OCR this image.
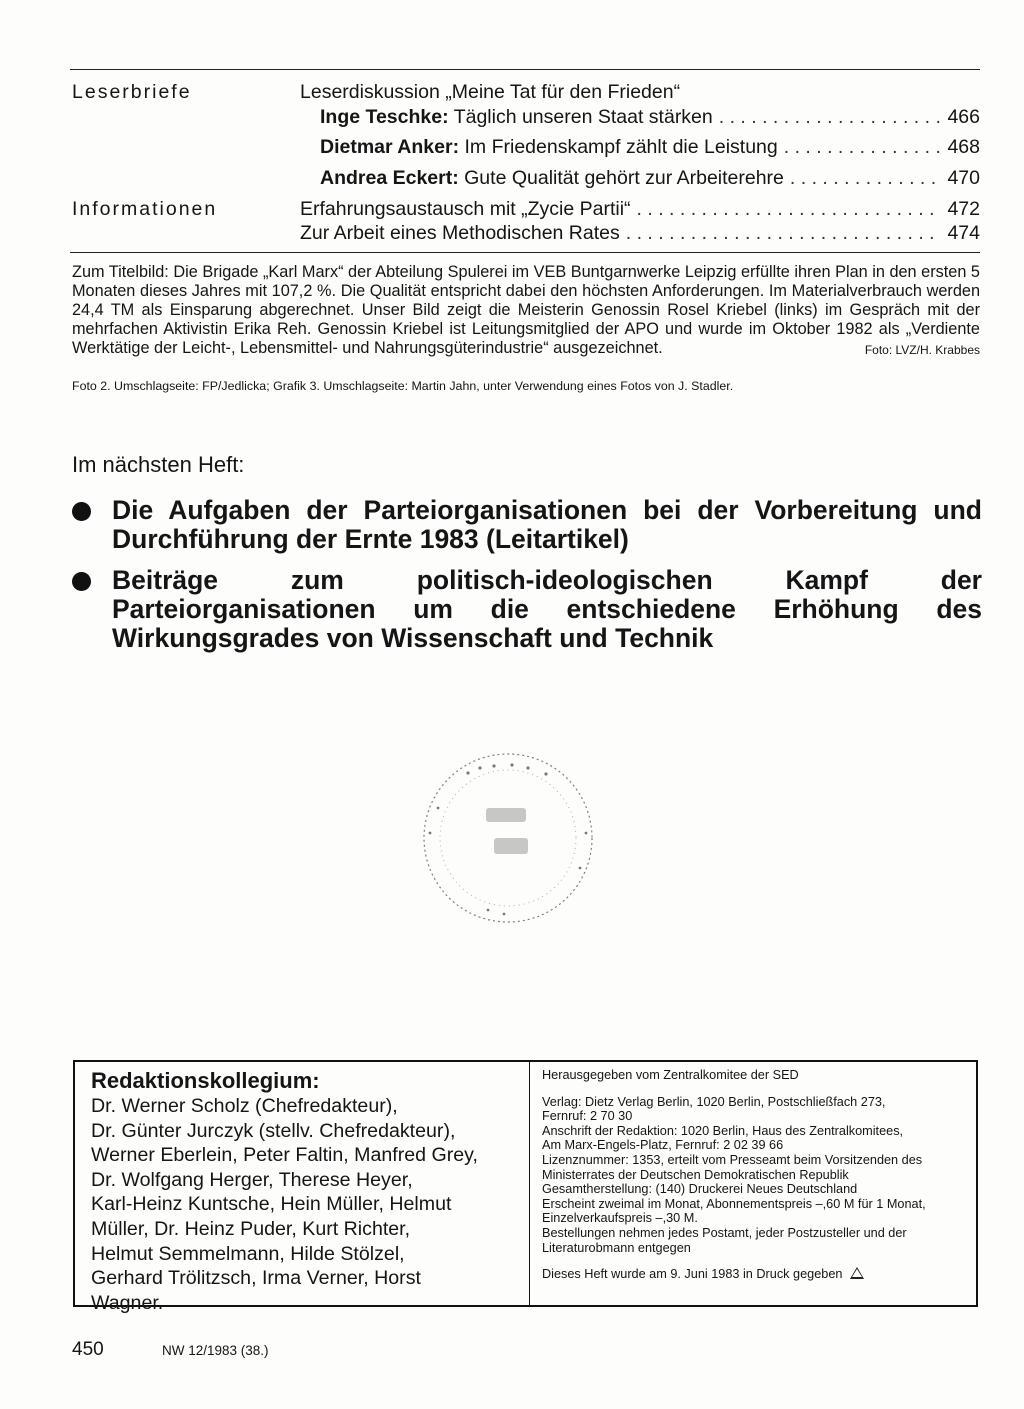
Leserbriefe	Leserdiskussion „Meine Tat für den Frieden“
Inge Teschke: Täglich unseren Staat stärken . . .	466
Dietmar Anker: Im Friedenskampf zählt die Leistung . . .	468
Andrea Eckert: Gute Qualität gehört zur Arbeiterehre . . .	470
Informationen	Erfahrungsaustausch mit „Zycie Partii“ . . .	472
Zur Arbeit eines Methodischen Rates . . .	474

Zum Titelbild: Die Brigade „Karl Marx“ der Abteilung Spulerei im VEB Buntgarnwerke Leipzig erfüllte ihren Plan in den ersten 5 Monaten dieses Jahres mit 107,2 %. Die Qualität entspricht dabei den höchsten Anforderungen. Im Materialverbrauch werden 24,4 TM als Einsparung abgerechnet. Unser Bild zeigt die Meisterin Genossin Rosel Kriebel (links) im Gespräch mit der mehrfachen Aktivistin Erika Reh. Genossin Kriebel ist Leitungsmitglied der APO und wurde im Oktober 1982 als „Verdiente Werktätige der Leicht-, Lebensmittel- und Nahrungsgüterindustrie“ ausgezeichnet.	Foto: LVZ/H. Krabbes

Foto 2. Umschlagseite: FP/Jedlicka; Grafik 3. Umschlagseite: Martin Jahn, unter Verwendung eines Fotos von J. Stadler.
Im nächsten Heft:
Die Aufgaben der Parteiorganisationen bei der Vorbereitung und Durchführung der Ernte 1983 (Leitartikel)
Beiträge zum politisch-ideologischen Kampf der Parteiorganisationen um die entschiedene Erhöhung des Wirkungsgrades von Wissenschaft und Technik
Redaktionskollegium:
Dr. Werner Scholz (Chefredakteur),
Dr. Günter Jurczyk (stellv. Chefredakteur),
Werner Eberlein, Peter Faltin, Manfred Grey,
Dr. Wolfgang Herger, Therese Heyer,
Karl-Heinz Kuntsche, Hein Müller, Helmut
Müller, Dr. Heinz Puder, Kurt Richter,
Helmut Semmelmann, Hilde Stölzel,
Gerhard Trölitzsch, Irma Verner, Horst
Wagner.
Herausgegeben vom Zentralkomitee der SED
Verlag: Dietz Verlag Berlin, 1020 Berlin, Postschließfach 273,
Fernruf: 2 70 30
Anschrift der Redaktion: 1020 Berlin, Haus des Zentralkomitees,
Am Marx-Engels-Platz, Fernruf: 2 02 39 66
Lizenznummer: 1353, erteilt vom Presseamt beim Vorsitzenden des
Ministerrates der Deutschen Demokratischen Republik
Gesamtherstellung: (140) Druckerei Neues Deutschland
Erscheint zweimal im Monat, Abonnementspreis –,60 M für 1 Monat,
Einzelverkaufspreis –,30 M.
Bestellungen nehmen jedes Postamt, jeder Postzusteller und der
Literaturobmann entgegen
Dieses Heft wurde am 9. Juni 1983 in Druck gegeben
450	NW 12/1983 (38.)
